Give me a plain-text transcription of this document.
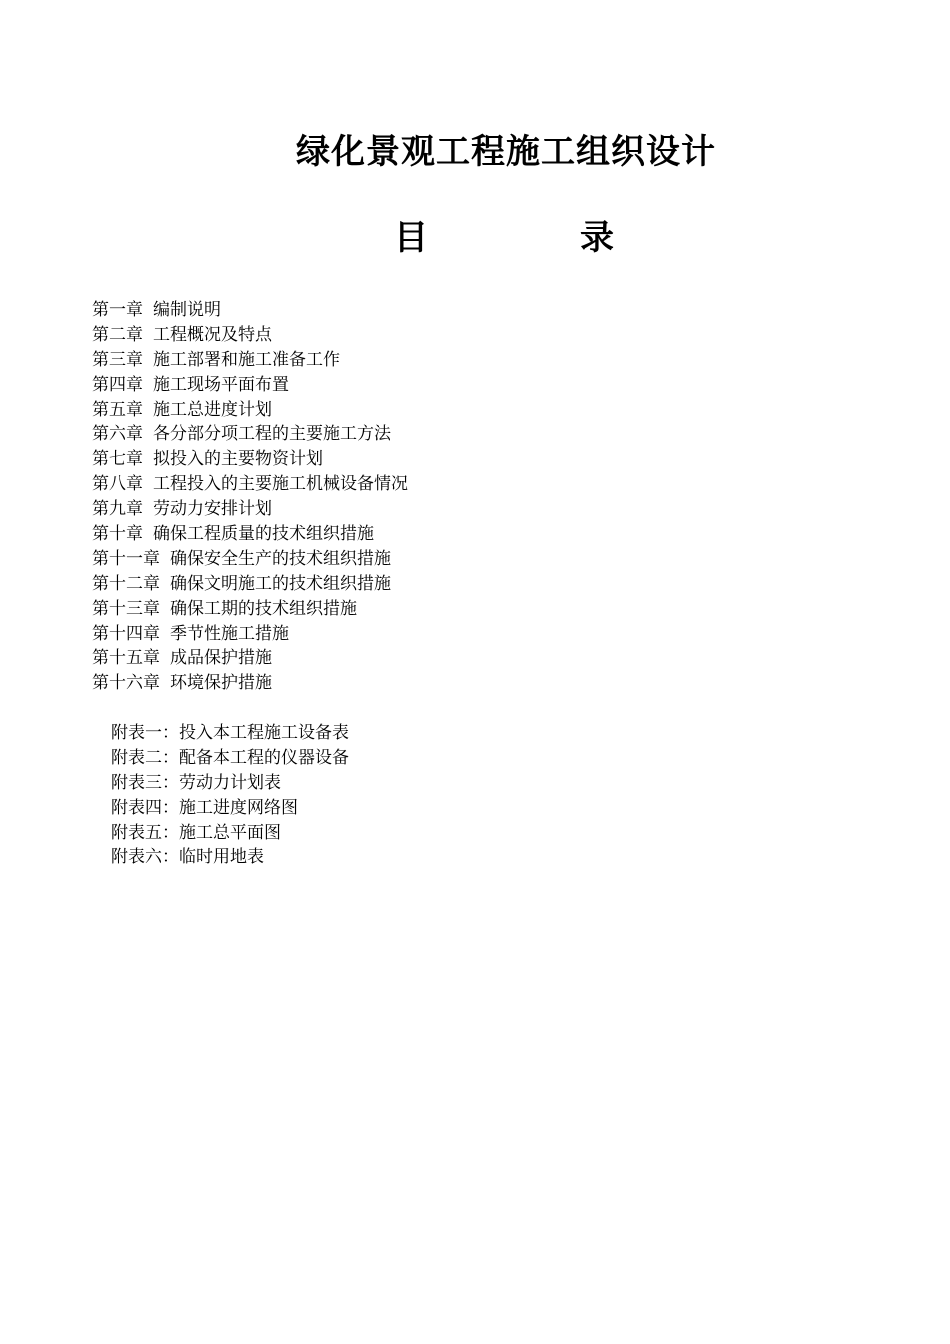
绿化景观工程施工组织设计
目	录
第一章 编制说明
第二章 工程概况及特点
第三章 施工部署和施工准备工作
第四章 施工现场平面布置
第五章 施工总进度计划
第六章 各分部分项工程的主要施工方法
第七章 拟投入的主要物资计划
第八章 工程投入的主要施工机械设备情况
第九章 劳动力安排计划
第十章 确保工程质量的技术组织措施
第十一章 确保安全生产的技术组织措施
第十二章 确保文明施工的技术组织措施
第十三章 确保工期的技术组织措施
第十四章 季节性施工措施
第十五章 成品保护措施
第十六章 环境保护措施
附表一：投入本工程施工设备表
附表二：配备本工程的仪器设备
附表三：劳动力计划表
附表四：施工进度网络图
附表五：施工总平面图
附表六：临时用地表
